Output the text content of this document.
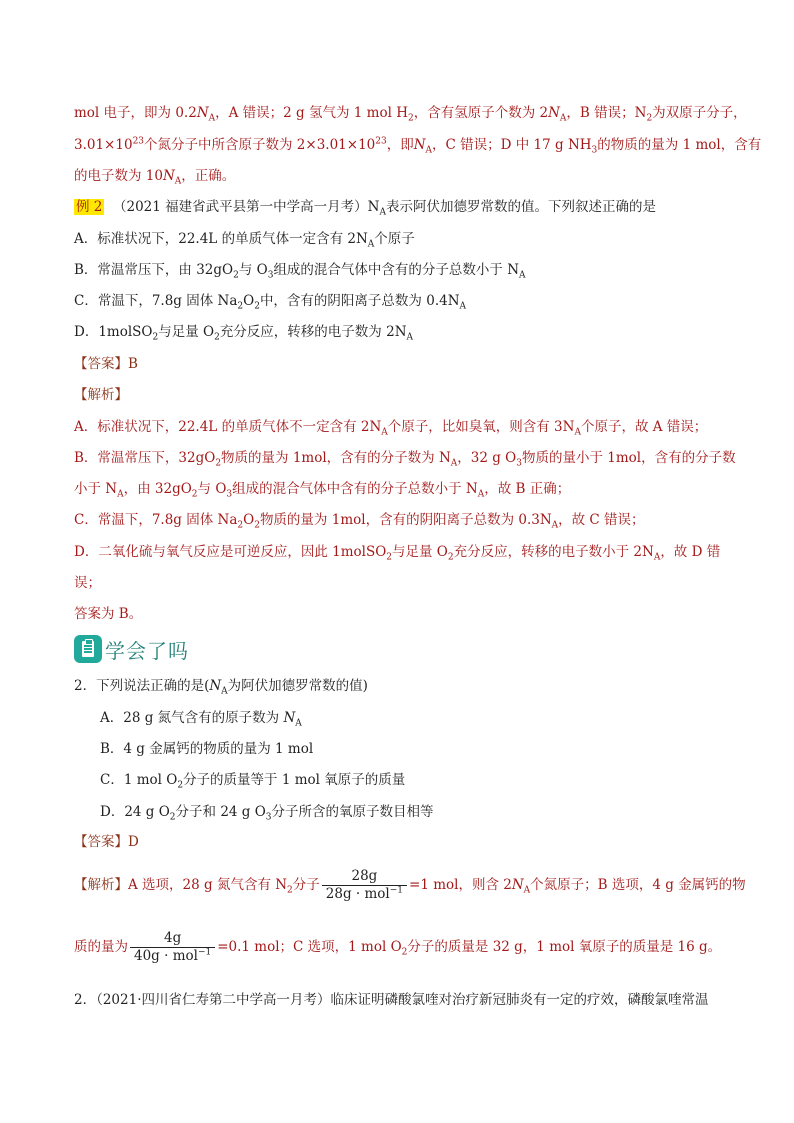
mol 电子，即为 $0.2N_A$，A 错误；2 g 氢气为 1 mol $H_2$，含有氢原子个数为 $2N_A$，B 错误；$N_2$为双原子分子，
$3.01\times 10^{23}$个氮分子中所含原子数为 $2\times 3.01\times 10^{23}$，即$N_A$，C 错误；D 中 17 g $NH_3$的物质的量为 1 mol，含有
的电子数为 $10N_A$，正确。
例 2 （2021 福建省武平县第一中学高一月考）$N_A$表示阿伏加德罗常数的值。下列叙述正确的是
A．标准状况下，22.4L 的单质气体一定含有 $2N_A$个原子
B．常温常压下，由 $32gO_2$与 $O_3$组成的混合气体中含有的分子总数小于 $N_A$
C．常温下，7.8g 固体 $Na_2O_2$中，含有的阴阳离子总数为 $0.4N_A$
D．1molSO$_2$与足量 $O_2$充分反应，转移的电子数为 $2N_A$
【答案】B
【解析】
A．标准状况下，22.4L 的单质气体不一定含有 $2N_A$个原子，比如臭氧，则含有 $3N_A$个原子，故 A 错误；
B．常温常压下，$32gO_2$物质的量为 1mol，含有的分子数为 $N_A$，32 g $O_3$物质的量小于 1mol，含有的分子数
小于 $N_A$，由 $32gO_2$与 $O_3$组成的混合气体中含有的分子总数小于 $N_A$，故 B 正确；
C．常温下，7.8g 固体 $Na_2O_2$物质的量为 1mol，含有的阴阳离子总数为 $0.3N_A$，故 C 错误；
D．二氧化硫与氧气反应是可逆反应，因此 1molSO$_2$与足量 $O_2$充分反应，转移的电子数小于 $2N_A$，故 D 错
误；
答案为 B。
学会了吗
2．下列说法正确的是($N_A$为阿伏加德罗常数的值)
A．28 g 氮气含有的原子数为 $N_A$
B．4 g 金属钙的物质的量为 1 mol
C．1 mol $O_2$分子的质量等于 1 mol 氧原子的质量
D．24 g $O_2$分子和 24 g $O_3$分子所含的氧原子数目相等
【答案】D
【解析】A 选项，28 g 氮气含有 $N_2$分子 $\frac{28g}{28g \cdot mol^{-1}} =1$ mol，则含 $2N_A$个氮原子；B 选项，4 g 金属钙的物
质的量为 $\frac{4g}{40g \cdot mol^{-1}} =0.1$ mol；C 选项，1 mol $O_2$分子的质量是 32 g，1 mol 氧原子的质量是 16 g。
2．（2021·四川省仁寿第二中学高一月考）临床证明磷酸氯喹对治疗新冠肺炎有一定的疗效，磷酸氯喹常温
